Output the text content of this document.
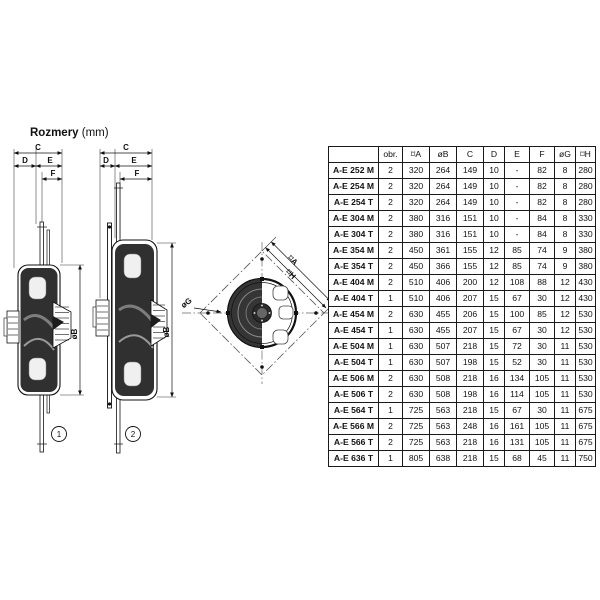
Rozmery (mm)
C
D E
F
øB
1
C
D	E
F
øB
2
⌑A
⌑H
øG
	obr.	⌑A	øB	C	D	E	F	øG	⌑H
A-E 252 M	2	320	264	149	10	-	82	8	280
A-E 254 M	2	320	264	149	10	-	82	8	280
A-E 254 T	2	320	264	149	10	-	82	8	280
A-E 304 M	2	380	316	151	10	-	84	8	330
A-E 304 T	2	380	316	151	10	-	84	8	330
A-E 354 M	2	450	361	155	12	85	74	9	380
A-E 354 T	2	450	366	155	12	85	74	9	380
A-E 404 M	2	510	406	200	12	108	88	12	430
A-E 404 T	1	510	406	207	15	67	30	12	430
A-E 454 M	2	630	455	206	15	100	85	12	530
A-E 454 T	1	630	455	207	15	67	30	12	530
A-E 504 M	1	630	507	218	15	72	30	11	530
A-E 504 T	1	630	507	198	15	52	30	11	530
A-E 506 M	2	630	508	218	16	134	105	11	530
A-E 506 T	2	630	508	198	16	114	105	11	530
A-E 564 T	1	725	563	218	15	67	30	11	675
A-E 566 M	2	725	563	248	16	161	105	11	675
A-E 566 T	2	725	563	218	16	131	105	11	675
A-E 636 T	1	805	638	218	15	68	45	11	750
